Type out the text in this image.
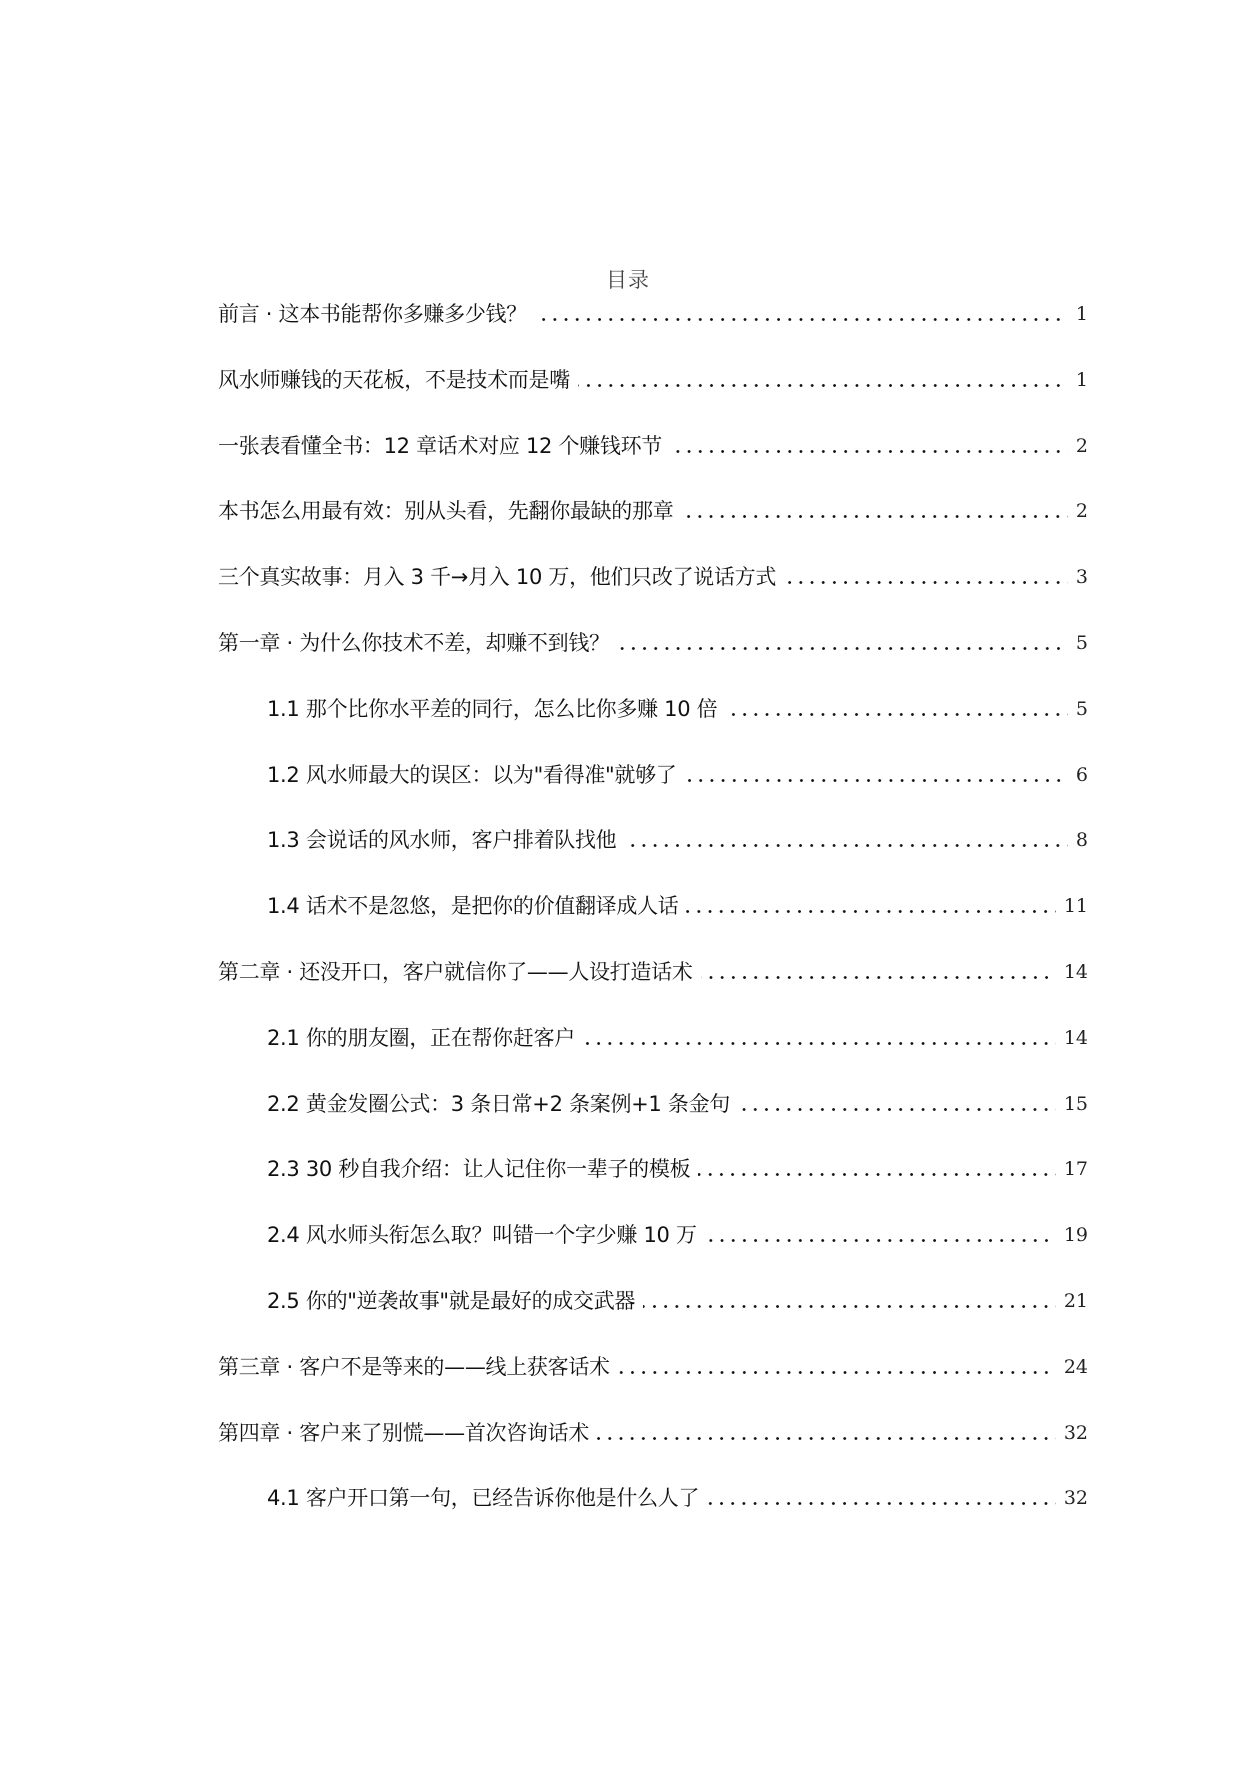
目录
前言 · 这本书能帮你多赚多少钱？	1
风水师赚钱的天花板，不是技术而是嘴	1
一张表看懂全书：12 章话术对应 12 个赚钱环节	2
本书怎么用最有效：别从头看，先翻你最缺的那章	2
三个真实故事：月入 3 千→月入 10 万，他们只改了说话方式	3
第一章 · 为什么你技术不差，却赚不到钱？	5
1.1 那个比你水平差的同行，怎么比你多赚 10 倍	5
1.2 风水师最大的误区：以为"看得准"就够了	6
1.3 会说话的风水师，客户排着队找他	8
1.4 话术不是忽悠，是把你的价值翻译成人话	11
第二章 · 还没开口，客户就信你了——人设打造话术	14
2.1 你的朋友圈，正在帮你赶客户	14
2.2 黄金发圈公式：3 条日常+2 条案例+1 条金句	15
2.3 30 秒自我介绍：让人记住你一辈子的模板	17
2.4 风水师头衔怎么取？叫错一个字少赚 10 万	19
2.5 你的"逆袭故事"就是最好的成交武器	21
第三章 · 客户不是等来的——线上获客话术	24
第四章 · 客户来了别慌——首次咨询话术	32
4.1 客户开口第一句，已经告诉你他是什么人了	32
